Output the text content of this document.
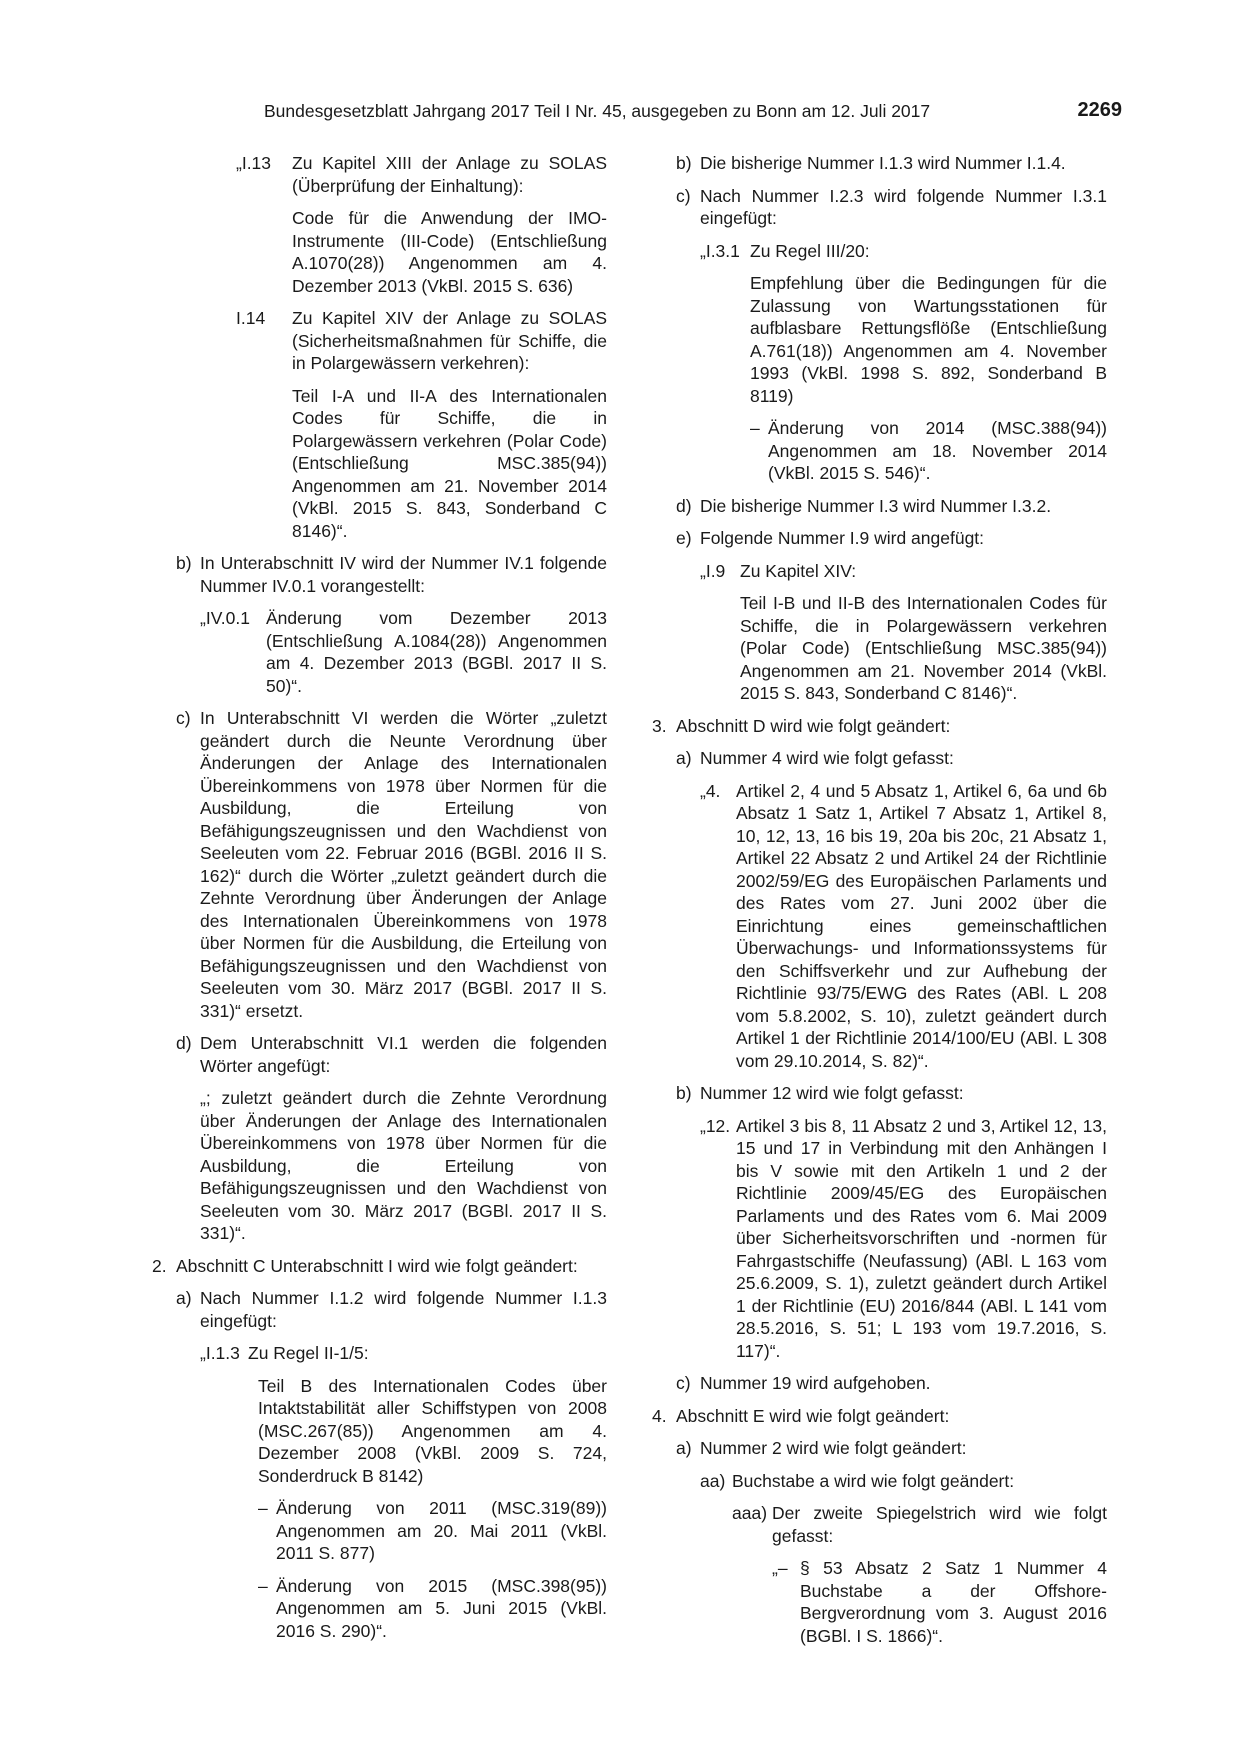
Bundesgesetzblatt Jahrgang 2017 Teil I Nr. 45, ausgegeben zu Bonn am 12. Juli 2017	2269
„I.13 Zu Kapitel XIII der Anlage zu SOLAS (Überprüfung der Einhaltung):
Code für die Anwendung der IMO-Instrumente (III-Code) (Entschließung A.1070(28)) Angenommen am 4. Dezember 2013 (VkBl. 2015 S. 636)
I.14 Zu Kapitel XIV der Anlage zu SOLAS (Sicherheitsmaßnahmen für Schiffe, die in Polargewässern verkehren):
Teil I-A und II-A des Internationalen Codes für Schiffe, die in Polargewässern verkehren (Polar Code) (Entschließung MSC.385(94)) Angenommen am 21. November 2014 (VkBl. 2015 S. 843, Sonderband C 8146)“.
b) In Unterabschnitt IV wird der Nummer IV.1 folgende Nummer IV.0.1 vorangestellt:
„IV.0.1 Änderung vom Dezember 2013 (Entschließung A.1084(28)) Angenommen am 4. Dezember 2013 (BGBl. 2017 II S. 50)“.
c) In Unterabschnitt VI werden die Wörter „zuletzt geändert durch die Neunte Verordnung über Änderungen der Anlage des Internationalen Übereinkommens von 1978 über Normen für die Ausbildung, die Erteilung von Befähigungszeugnissen und den Wachdienst von Seeleuten vom 22. Februar 2016 (BGBl. 2016 II S. 162)“ durch die Wörter „zuletzt geändert durch die Zehnte Verordnung über Änderungen der Anlage des Internationalen Übereinkommens von 1978 über Normen für die Ausbildung, die Erteilung von Befähigungszeugnissen und den Wachdienst von Seeleuten vom 30. März 2017 (BGBl. 2017 II S. 331)“ ersetzt.
d) Dem Unterabschnitt VI.1 werden die folgenden Wörter angefügt:
„; zuletzt geändert durch die Zehnte Verordnung über Änderungen der Anlage des Internationalen Übereinkommens von 1978 über Normen für die Ausbildung, die Erteilung von Befähigungszeugnissen und den Wachdienst von Seeleuten vom 30. März 2017 (BGBl. 2017 II S. 331)“.
2. Abschnitt C Unterabschnitt I wird wie folgt geändert:
a) Nach Nummer I.1.2 wird folgende Nummer I.1.3 eingefügt:
„I.1.3 Zu Regel II-1/5:
Teil B des Internationalen Codes über Intaktstabilität aller Schiffstypen von 2008 (MSC.267(85)) Angenommen am 4. Dezember 2008 (VkBl. 2009 S. 724, Sonderdruck B 8142)
– Änderung von 2011 (MSC.319(89)) Angenommen am 20. Mai 2011 (VkBl. 2011 S. 877)
– Änderung von 2015 (MSC.398(95)) Angenommen am 5. Juni 2015 (VkBl. 2016 S. 290)“.
b) Die bisherige Nummer I.1.3 wird Nummer I.1.4.
c) Nach Nummer I.2.3 wird folgende Nummer I.3.1 eingefügt:
„I.3.1 Zu Regel III/20:
Empfehlung über die Bedingungen für die Zulassung von Wartungsstationen für aufblasbare Rettungsflöße (Entschließung A.761(18)) Angenommen am 4. November 1993 (VkBl. 1998 S. 892, Sonderband B 8119)
– Änderung von 2014 (MSC.388(94)) Angenommen am 18. November 2014 (VkBl. 2015 S. 546)“.
d) Die bisherige Nummer I.3 wird Nummer I.3.2.
e) Folgende Nummer I.9 wird angefügt:
„I.9 Zu Kapitel XIV:
Teil I-B und II-B des Internationalen Codes für Schiffe, die in Polargewässern verkehren (Polar Code) (Entschließung MSC.385(94)) Angenommen am 21. November 2014 (VkBl. 2015 S. 843, Sonderband C 8146)“.
3. Abschnitt D wird wie folgt geändert:
a) Nummer 4 wird wie folgt gefasst:
„4. Artikel 2, 4 und 5 Absatz 1, Artikel 6, 6a und 6b Absatz 1 Satz 1, Artikel 7 Absatz 1, Artikel 8, 10, 12, 13, 16 bis 19, 20a bis 20c, 21 Absatz 1, Artikel 22 Absatz 2 und Artikel 24 der Richtlinie 2002/59/EG des Europäischen Parlaments und des Rates vom 27. Juni 2002 über die Einrichtung eines gemeinschaftlichen Überwachungs- und Informationssystems für den Schiffsverkehr und zur Aufhebung der Richtlinie 93/75/EWG des Rates (ABl. L 208 vom 5.8.2002, S. 10), zuletzt geändert durch Artikel 1 der Richtlinie 2014/100/EU (ABl. L 308 vom 29.10.2014, S. 82)“.
b) Nummer 12 wird wie folgt gefasst:
„12. Artikel 3 bis 8, 11 Absatz 2 und 3, Artikel 12, 13, 15 und 17 in Verbindung mit den Anhängen I bis V sowie mit den Artikeln 1 und 2 der Richtlinie 2009/45/EG des Europäischen Parlaments und des Rates vom 6. Mai 2009 über Sicherheitsvorschriften und -normen für Fahrgastschiffe (Neufassung) (ABl. L 163 vom 25.6.2009, S. 1), zuletzt geändert durch Artikel 1 der Richtlinie (EU) 2016/844 (ABl. L 141 vom 28.5.2016, S. 51; L 193 vom 19.7.2016, S. 117)“.
c) Nummer 19 wird aufgehoben.
4. Abschnitt E wird wie folgt geändert:
a) Nummer 2 wird wie folgt geändert:
aa) Buchstabe a wird wie folgt geändert:
aaa) Der zweite Spiegelstrich wird wie folgt gefasst:
„– § 53 Absatz 2 Satz 1 Nummer 4 Buchstabe a der Offshore-Bergverordnung vom 3. August 2016 (BGBl. I S. 1866)“.
